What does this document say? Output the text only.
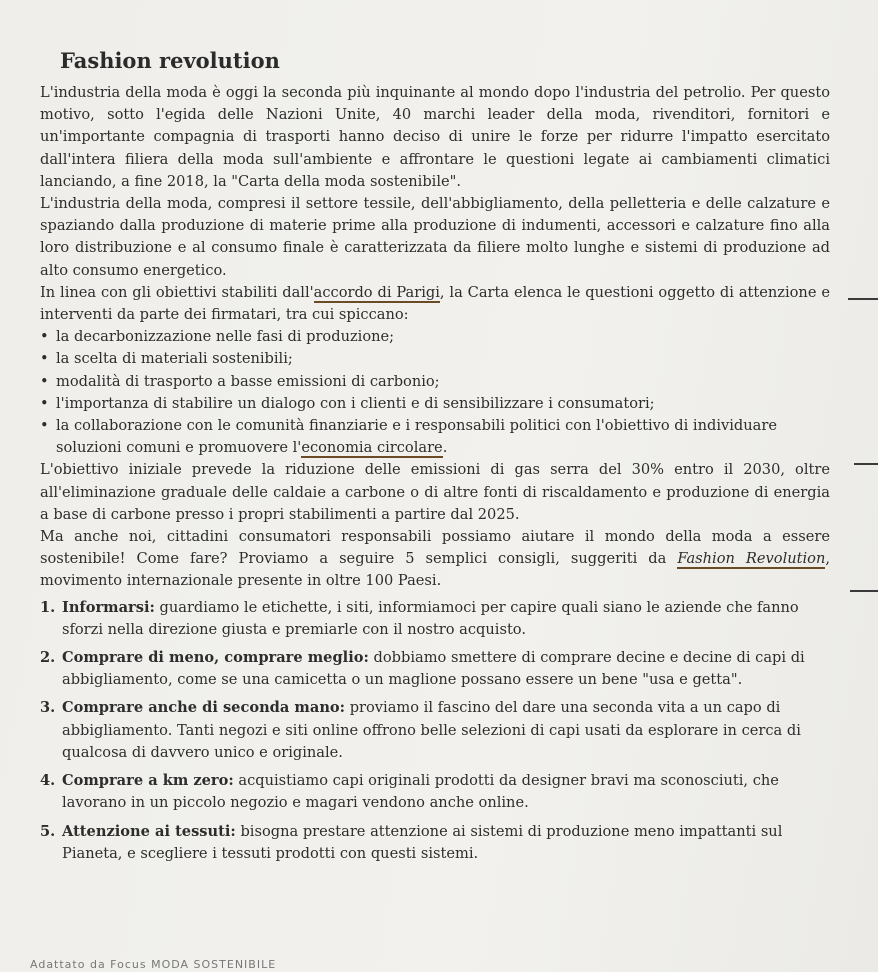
Fashion revolution

L'industria della moda è oggi la seconda più inquinante al mondo dopo l'industria del petrolio. Per questo motivo, sotto l'egida delle Nazioni Unite, 40 marchi leader della moda, rivenditori, fornitori e un'importante compagnia di trasporti hanno deciso di unire le forze per ridurre l'impatto esercitato dall'intera filiera della moda sull'ambiente e affrontare le questioni legate ai cambiamenti climatici lanciando, a fine 2018, la "Carta della moda sostenibile".

L'industria della moda, compresi il settore tessile, dell'abbigliamento, della pelletteria e delle calzature e spaziando dalla produzione di materie prime alla produzione di indumenti, accessori e calzature fino alla loro distribuzione e al consumo finale è caratterizzata da filiere molto lunghe e sistemi di produzione ad alto consumo energetico.

In linea con gli obiettivi stabiliti dall'accordo di Parigi, la Carta elenca le questioni oggetto di attenzione e interventi da parte dei firmatari, tra cui spiccano:

• la decarbonizzazione nelle fasi di produzione;
• la scelta di materiali sostenibili;
• modalità di trasporto a basse emissioni di carbonio;
• l'importanza di stabilire un dialogo con i clienti e di sensibilizzare i consumatori;
• la collaborazione con le comunità finanziarie e i responsabili politici con l'obiettivo di individuare soluzioni comuni e promuovere l'economia circolare.

L'obiettivo iniziale prevede la riduzione delle emissioni di gas serra del 30% entro il 2030, oltre all'eliminazione graduale delle caldaie a carbone o di altre fonti di riscaldamento e produzione di energia a base di carbone presso i propri stabilimenti a partire dal 2025.

Ma anche noi, cittadini consumatori responsabili possiamo aiutare il mondo della moda a essere sostenibile! Come fare? Proviamo a seguire 5 semplici consigli, suggeriti da Fashion Revolution, movimento internazionale presente in oltre 100 Paesi.

1. Informarsi: guardiamo le etichette, i siti, informiamoci per capire quali siano le aziende che fanno sforzi nella direzione giusta e premiarle con il nostro acquisto.
2. Comprare di meno, comprare meglio: dobbiamo smettere di comprare decine e decine di capi di abbigliamento, come se una camicetta o un maglione possano essere un bene "usa e getta".
3. Comprare anche di seconda mano: proviamo il fascino del dare una seconda vita a un capo di abbigliamento. Tanti negozi e siti online offrono belle selezioni di capi usati da esplorare in cerca di qualcosa di davvero unico e originale.
4. Comprare a km zero: acquistiamo capi originali prodotti da designer bravi ma sconosciuti, che lavorano in un piccolo negozio e magari vendono anche online.
5. Attenzione ai tessuti: bisogna prestare attenzione ai sistemi di produzione meno impattanti sul Pianeta, e scegliere i tessuti prodotti con questi sistemi.
Adattato da Focus MODA SOSTENIBILE
